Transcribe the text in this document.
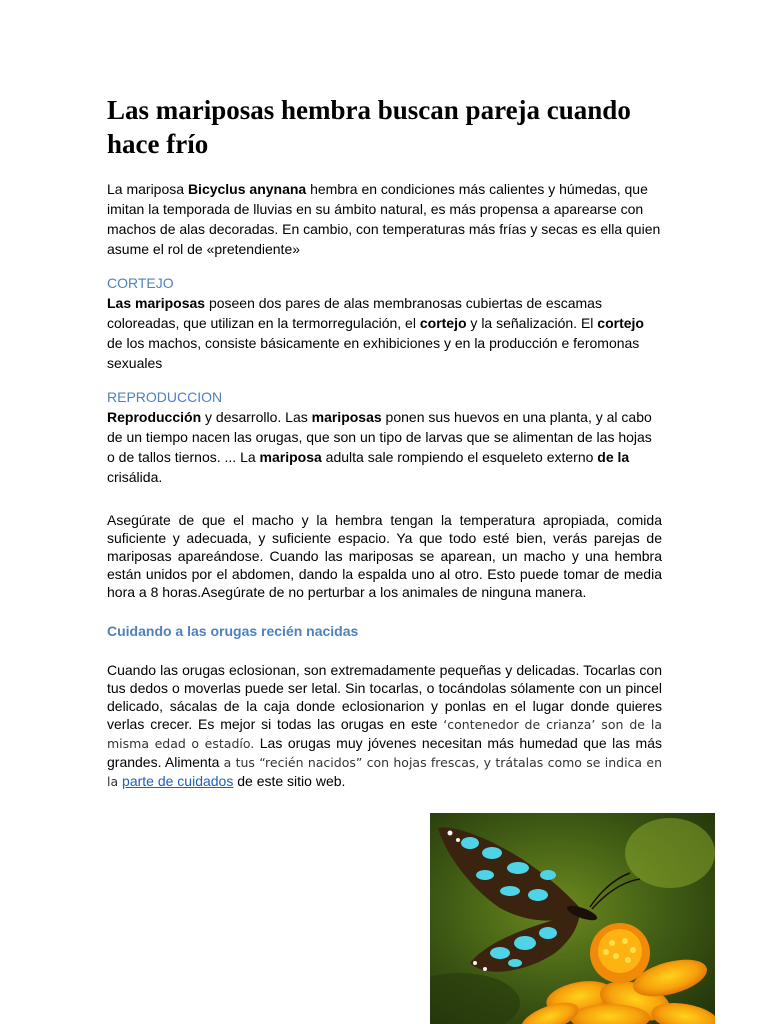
Las mariposas hembra buscan pareja cuando hace frío

La mariposa Bicyclus anynana hembra en condiciones más calientes y húmedas, que imitan la temporada de lluvias en su ámbito natural, es más propensa a aparearse con machos de alas decoradas. En cambio, con temperaturas más frías y secas es ella quien asume el rol de «pretendiente»

CORTEJO

Las mariposas poseen dos pares de alas membranosas cubiertas de escamas coloreadas, que utilizan en la termorregulación, el cortejo y la señalización. El cortejo de los machos, consiste básicamente en exhibiciones y en la producción e feromonas sexuales

REPRODUCCION

Reproducción y desarrollo. Las mariposas ponen sus huevos en una planta, y al cabo de un tiempo nacen las orugas, que son un tipo de larvas que se alimentan de las hojas o de tallos tiernos. ... La mariposa adulta sale rompiendo el esqueleto externo de la crisálida.

Asegúrate de que el macho y la hembra tengan la temperatura apropiada, comida suficiente y adecuada, y suficiente espacio. Ya que todo esté bien, verás parejas de mariposas apareándose. Cuando las mariposas se aparean, un macho y una hembra están unidos por el abdomen, dando la espalda uno al otro. Esto puede tomar de media hora a 8 horas.Asegúrate de no perturbar a los animales de ninguna manera.

Cuidando a las orugas recién nacidas

Cuando las orugas eclosionan, son extremadamente pequeñas y delicadas. Tocarlas con tus dedos o moverlas puede ser letal. Sin tocarlas, o tocándolas sólamente con un pincel delicado, sácalas de la caja donde eclosionarion y ponlas en el lugar donde quieres verlas crecer. Es mejor si todas las orugas en este ‘contenedor de crianza’ son de la misma edad o estadío. Las orugas muy jóvenes necesitan más humedad que las más grandes. Alimenta a tus “recién nacidos” con hojas frescas, y trátalas como se indica en la parte de cuidados de este sitio web.
